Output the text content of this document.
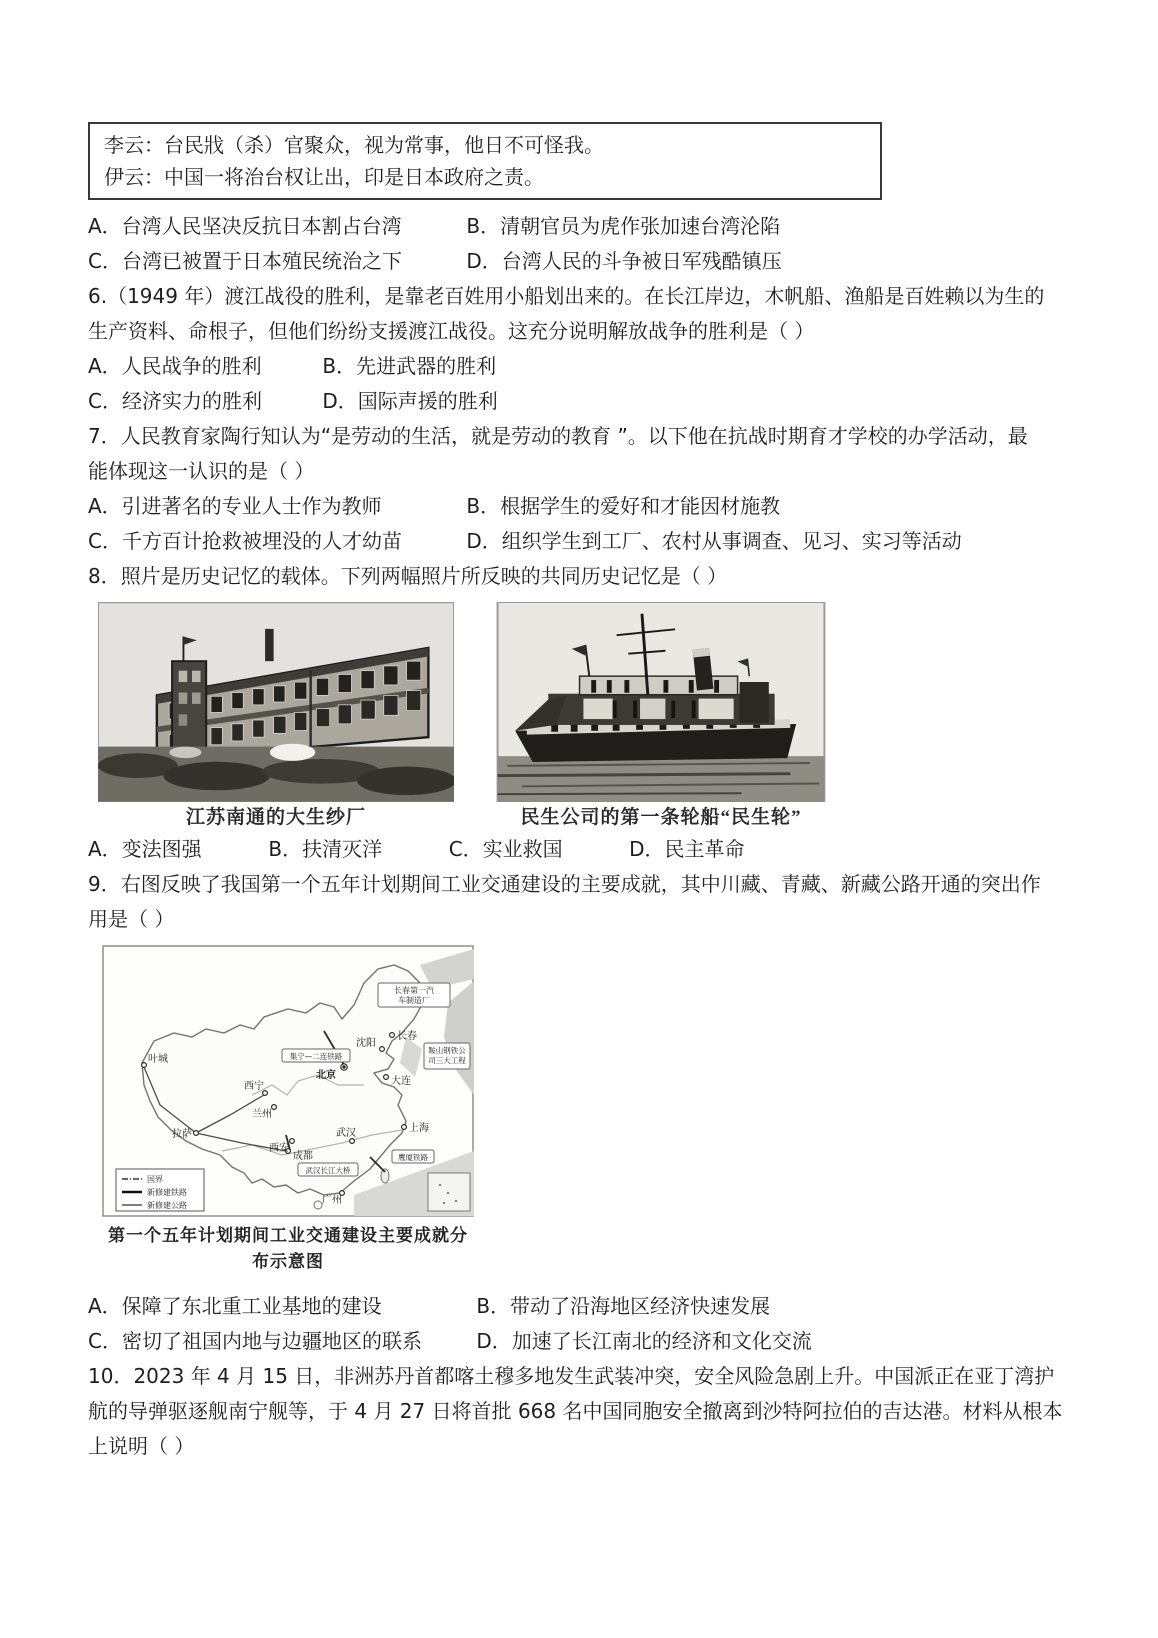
李云：台民戕（杀）官聚众，视为常事，他日不可怪我。
伊云：中国一将治台权让出，印是日本政府之责。
A．台湾人民坚决反抗日本割占台湾	B．清朝官员为虎作张加速台湾沦陷
C．台湾已被置于日本殖民统治之下	D．台湾人民的斗争被日军残酷镇压
6.（1949 年）渡江战役的胜利，是靠老百姓用小船划出来的。在长江岸边，木帆船、渔船是百姓赖以为生的
生产资料、命根子，但他们纷纷支援渡江战役。这充分说明解放战争的胜利是（ ）
A．人民战争的胜利	B．先进武器的胜利
C．经济实力的胜利	D．国际声援的胜利
7．人民教育家陶行知认为“是劳动的生活，就是劳动的教育 ”。以下他在抗战时期育才学校的办学活动，最
能体现这一认识的是（ ）
A．引进著名的专业人士作为教师	B．根据学生的爱好和才能因材施教
C．千方百计抢救被埋没的人才幼苗	D．组织学生到工厂、农村从事调查、见习、实习等活动
8．照片是历史记忆的载体。下列两幅照片所反映的共同历史记忆是（ ）
江苏南通的大生纱厂	民生公司的第一条轮船“民生轮”
A．变法图强	B．扶清灭洋	C．实业救国	D．民主革命
9．右图反映了我国第一个五年计划期间工业交通建设的主要成就，其中川藏、青藏、新藏公路开通的突出作
用是（ ）
北京
沈阳
长春
大连
西宁
兰州
西安
成都
武汉	上海
广州
拉萨
叶城
长春第一汽
车制造厂
鞍山钢铁公
司三大工程
集宁—二连铁路
武汉长江大桥
鹰厦铁路
国界
新修建铁路
新修建公路
第一个五年计划期间工业交通建设主要成就分布示意图
A．保障了东北重工业基地的建设	B．带动了沿海地区经济快速发展
C．密切了祖国内地与边疆地区的联系	D．加速了长江南北的经济和文化交流
10．2023 年 4 月 15 日，非洲苏丹首都喀土穆多地发生武装冲突，安全风险急剧上升。中国派正在亚丁湾护
航的导弹驱逐舰南宁舰等，于 4 月 27 日将首批 668 名中国同胞安全撤离到沙特阿拉伯的吉达港。材料从根本
上说明（ ）
